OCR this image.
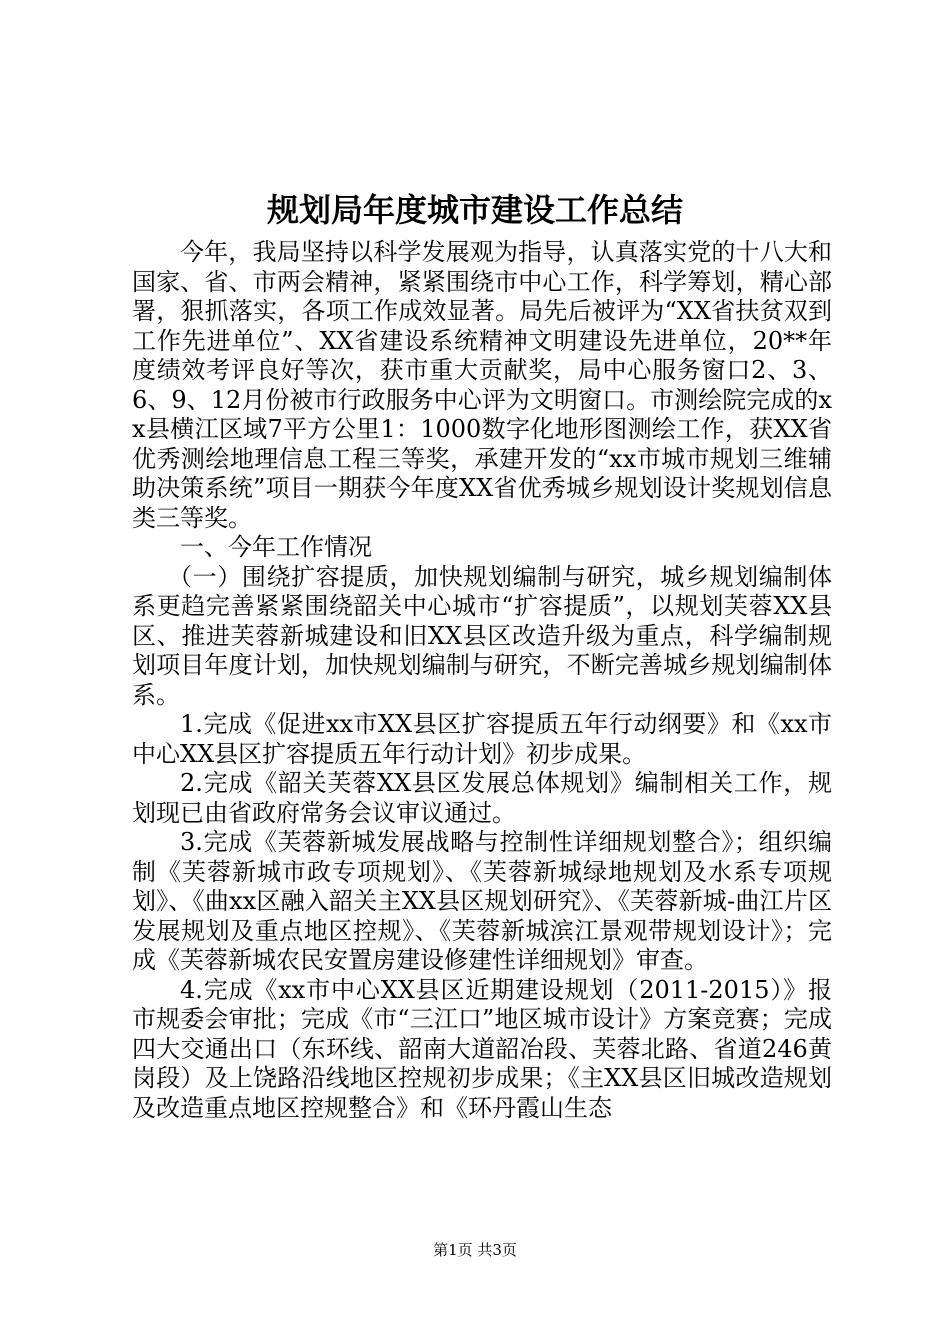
规划局年度城市建设工作总结

今年，我局坚持以科学发展观为指导，认真落实党的十八大和国家、省、市两会精神，紧紧围绕市中心工作，科学筹划，精心部署，狠抓落实，各项工作成效显著。局先后被评为“XX省扶贫双到工作先进单位”、XX省建设系统精神文明建设先进单位，20**年度绩效考评良好等次，获市重大贡献奖，局中心服务窗口2、3、6、9、12月份被市行政服务中心评为文明窗口。市测绘院完成的xx县横江区域7平方公里1：1000数字化地形图测绘工作，获XX省优秀测绘地理信息工程三等奖，承建开发的“xx市城市规划三维辅助决策系统”项目一期获今年度XX省优秀城乡规划设计奖规划信息类三等奖。

一、今年工作情况

（一）围绕扩容提质，加快规划编制与研究，城乡规划编制体系更趋完善紧紧围绕韶关中心城市“扩容提质”，以规划芙蓉XX县区、推进芙蓉新城建设和旧XX县区改造升级为重点，科学编制规划项目年度计划，加快规划编制与研究，不断完善城乡规划编制体系。

1.完成《促进xx市XX县区扩容提质五年行动纲要》和《xx市中心XX县区扩容提质五年行动计划》初步成果。

2.完成《韶关芙蓉XX县区发展总体规划》编制相关工作，规划现已由省政府常务会议审议通过。

3.完成《芙蓉新城发展战略与控制性详细规划整合》；组织编制《芙蓉新城市政专项规划》、《芙蓉新城绿地规划及水系专项规划》、《曲xx区融入韶关主XX县区规划研究》、《芙蓉新城-曲江片区发展规划及重点地区控规》、《芙蓉新城滨江景观带规划设计》；完成《芙蓉新城农民安置房建设修建性详细规划》审查。

4.完成《xx市中心XX县区近期建设规划（2011-2015）》报市规委会审批；完成《市“三江口”地区城市设计》方案竞赛；完成四大交通出口（东环线、韶南大道韶冶段、芙蓉北路、省道246黄岗段）及上饶路沿线地区控规初步成果；《主XX县区旧城改造规划及改造重点地区控规整合》和《环丹霞山生态

第1页 共3页
